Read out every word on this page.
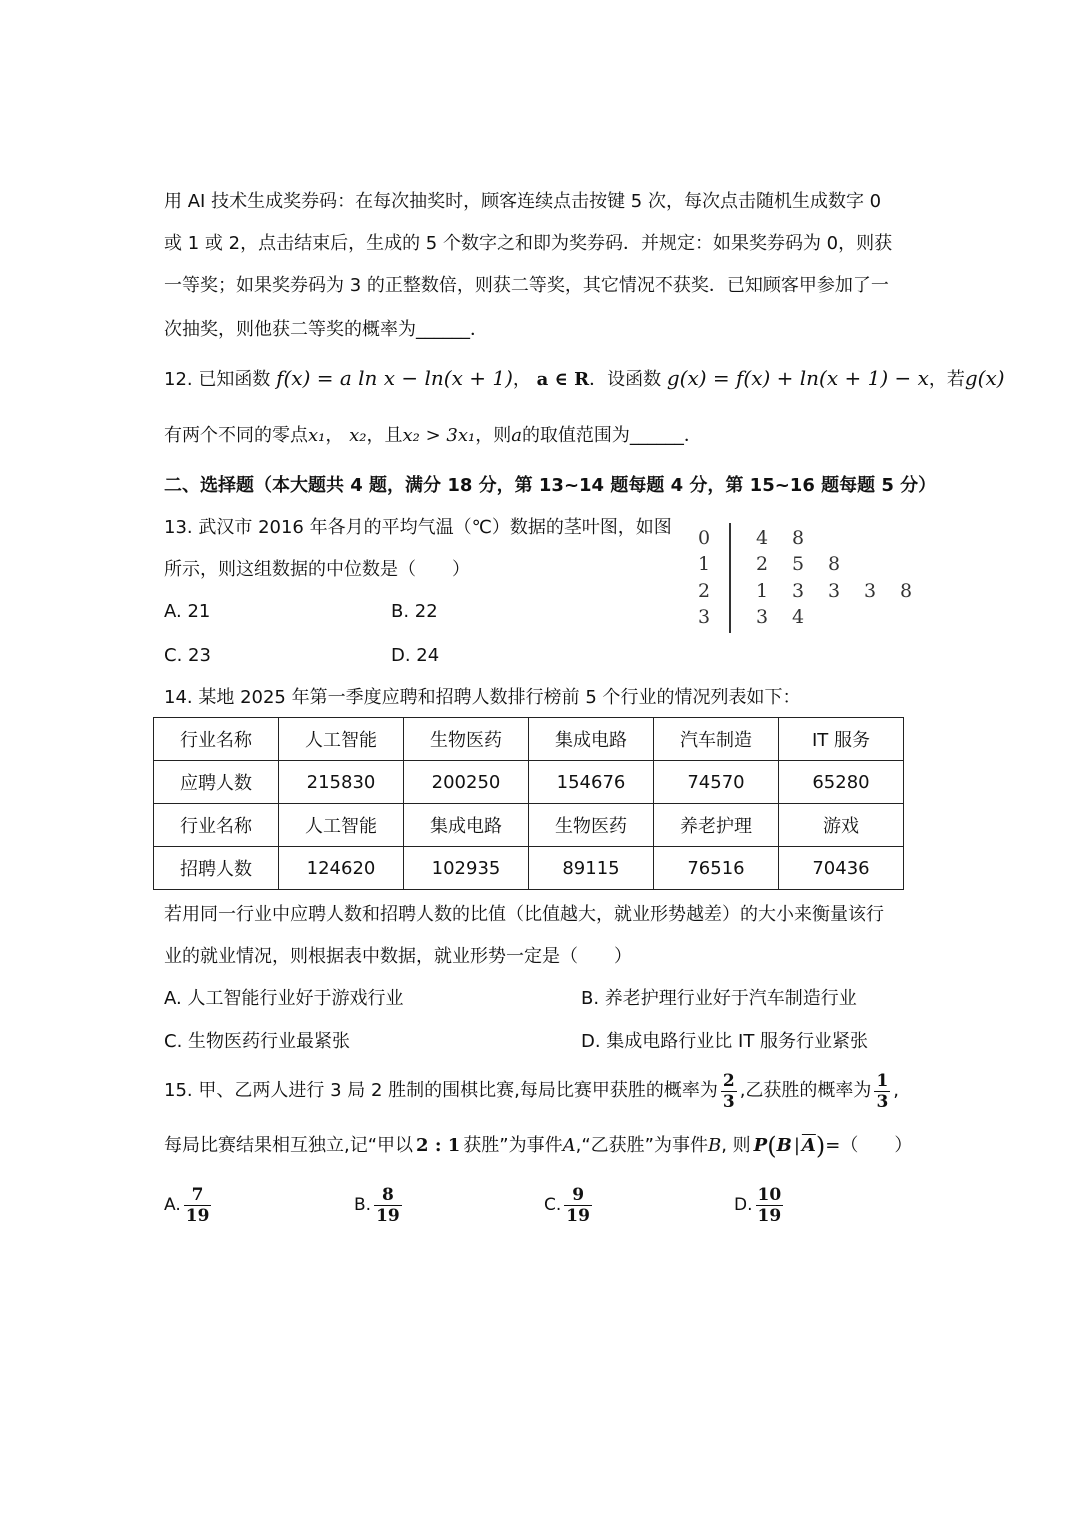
用 AI 技术生成奖券码：在每次抽奖时，顾客连续点击按键 5 次，每次点击随机生成数字 0
或 1 或 2，点击结束后，生成的 5 个数字之和即为奖券码．并规定：如果奖券码为 0，则获
一等奖；如果奖券码为 3 的正整数倍，则获二等奖，其它情况不获奖．已知顾客甲参加了一
次抽奖，则他获二等奖的概率为______．
12. 已知函数 f(x) = a ln x − ln(x + 1)， a ∈ R．设函数 g(x) = f(x) + ln(x + 1) − x，若g(x)
有两个不同的零点x₁， x₂，且x₂ > 3x₁，则a的取值范围为______．
二、选择题（本大题共 4 题，满分 18 分，第 13~14 题每题 4 分，第 15~16 题每题 5 分）
13. 武汉市 2016 年各月的平均气温（℃）数据的茎叶图，如图
所示，则这组数据的中位数是（　　）
A. 21	B. 22
C. 23	D. 24
0	4 8
1	2 5 8
2	1 3 3 3 8
3	3 4
14. 某地 2025 年第一季度应聘和招聘人数排行榜前 5 个行业的情况列表如下：
行业名称	人工智能	生物医药	集成电路	汽车制造	IT 服务
应聘人数	215830	200250	154676	74570	65280
行业名称	人工智能	集成电路	生物医药	养老护理	游戏
招聘人数	124620	102935	89115	76516	70436
若用同一行业中应聘人数和招聘人数的比值（比值越大，就业形势越差）的大小来衡量该行
业的就业情况，则根据表中数据，就业形势一定是（　　）
A. 人工智能行业好于游戏行业	B. 养老护理行业好于汽车制造行业
C. 生物医药行业最紧张	D. 集成电路行业比 IT 服务行业紧张
15. 甲、乙两人进行 3 局 2 胜制的围棋比赛,每局比赛甲获胜的概率为 $\frac{2}{3}$ ,乙获胜的概率为 $\frac{1}{3}$ ,
每局比赛结果相互独立,记“甲以 2 : 1 获胜”为事件 A ,“乙获胜”为事件 B , 则 P ( B | $\overline{A}$ ) =（　　）
A. $\frac{7}{19}$	B. $\frac{8}{19}$	C. $\frac{9}{19}$	D. $\frac{10}{19}$
